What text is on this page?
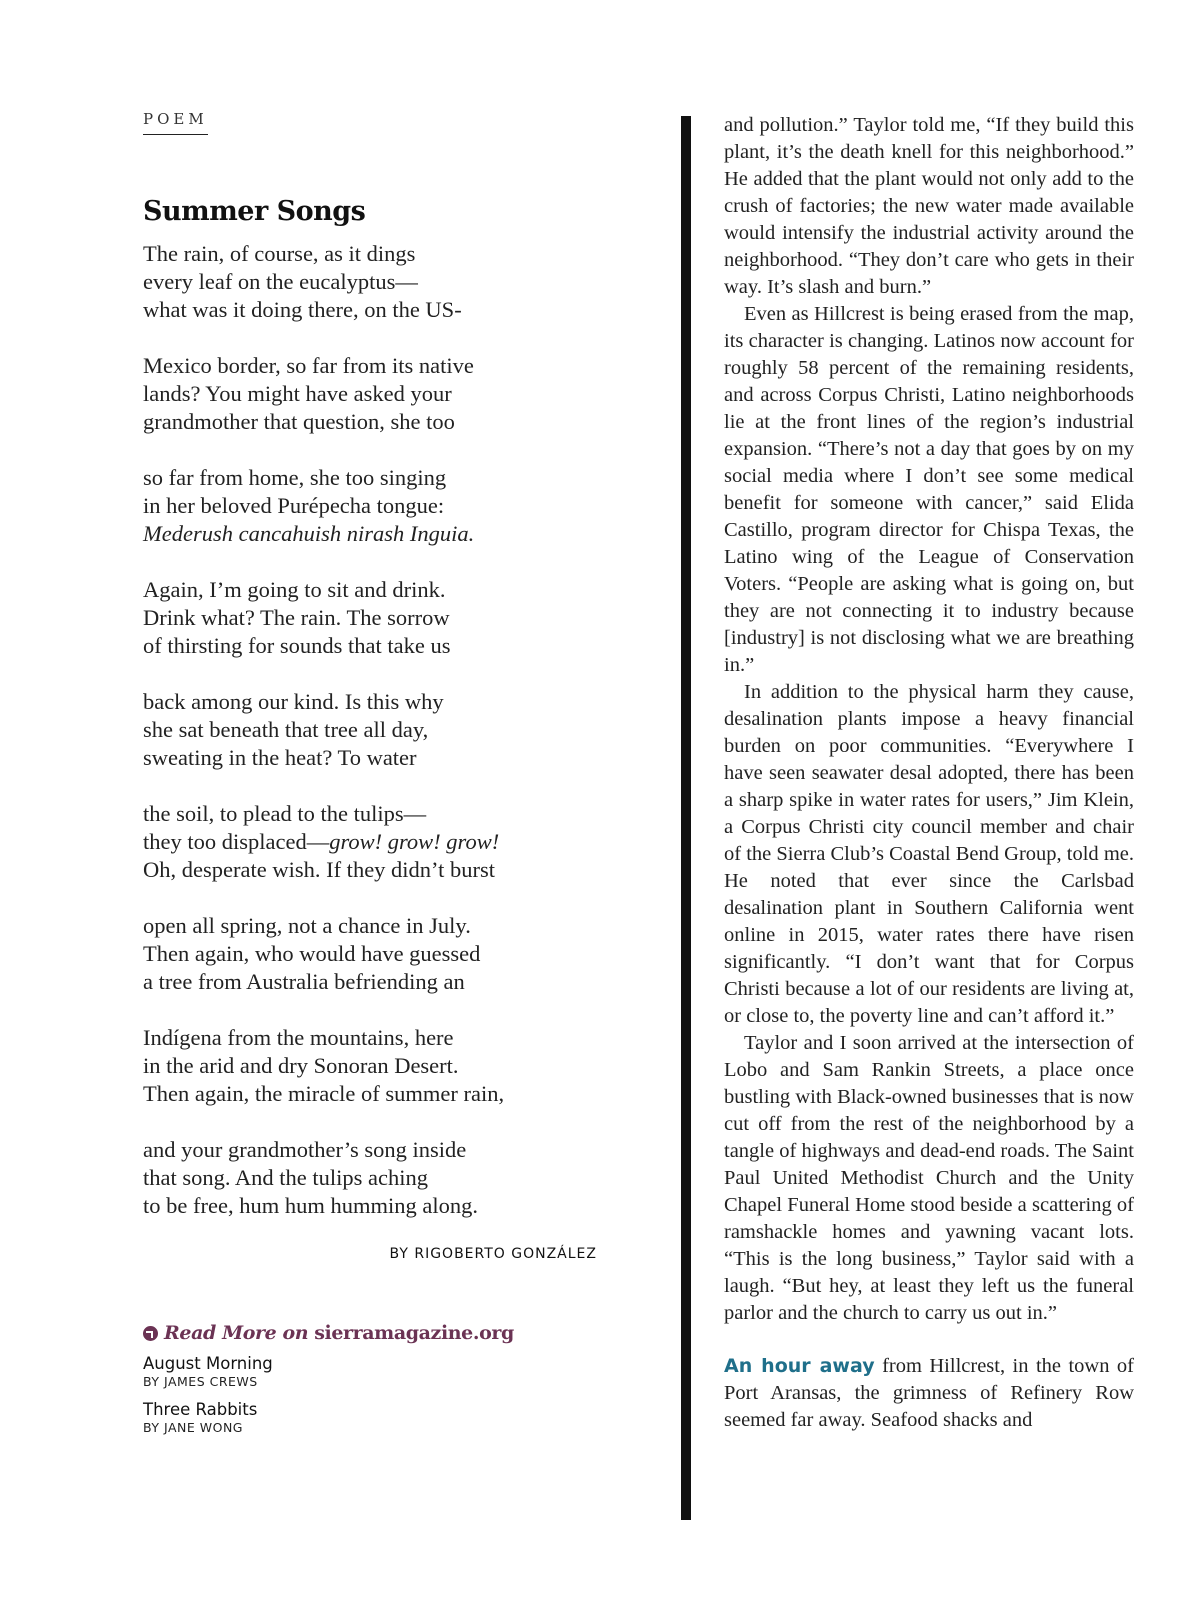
POEM
Summer Songs
The rain, of course, as it dings
every leaf on the eucalyptus—
what was it doing there, on the US-
Mexico border, so far from its native
lands? You might have asked your
grandmother that question, she too
so far from home, she too singing
in her beloved Purépecha tongue:
Mederush cancahuish nirash Inguia.
Again, I’m going to sit and drink.
Drink what? The rain. The sorrow
of thirsting for sounds that take us
back among our kind. Is this why
she sat beneath that tree all day,
sweating in the heat? To water
the soil, to plead to the tulips—
they too displaced—grow! grow! grow!
Oh, desperate wish. If they didn’t burst
open all spring, not a chance in July.
Then again, who would have guessed
a tree from Australia befriending an
Indígena from the mountains, here
in the arid and dry Sonoran Desert.
Then again, the miracle of summer rain,
and your grandmother’s song inside
that song. And the tulips aching
to be free, hum hum humming along.
BY RIGOBERTO GONZÁLEZ
Read More on sierramagazine.org
August Morning
BY JAMES CREWS
Three Rabbits
BY JANE WONG

and pollution.” Taylor told me, “If they build this plant, it’s the death knell for this neighborhood.” He added that the plant would not only add to the crush of factories; the new water made available would intensify the industrial activity around the neighborhood. “They don’t care who gets in their way. It’s slash and burn.”

Even as Hillcrest is being erased from the map, its character is changing. Latinos now account for roughly 58 percent of the remaining residents, and across Corpus Christi, Latino neighborhoods lie at the front lines of the region’s industrial expansion. “There’s not a day that goes by on my social media where I don’t see some medical benefit for someone with cancer,” said Elida Castillo, program director for Chispa Texas, the Latino wing of the League of Conservation Voters. “People are asking what is going on, but they are not connecting it to industry because [industry] is not disclosing what we are breathing in.”

In addition to the physical harm they cause, desalination plants impose a heavy financial burden on poor communities. “Everywhere I have seen seawater desal adopted, there has been a sharp spike in water rates for users,” Jim Klein, a Corpus Christi city council member and chair of the Sierra Club’s Coastal Bend Group, told me. He noted that ever since the Carlsbad desalination plant in Southern California went online in 2015, water rates there have risen significantly. “I don’t want that for Corpus Christi because a lot of our residents are living at, or close to, the poverty line and can’t afford it.”

Taylor and I soon arrived at the intersection of Lobo and Sam Rankin Streets, a place once bustling with Black-owned businesses that is now cut off from the rest of the neighborhood by a tangle of highways and dead-end roads. The Saint Paul United Methodist Church and the Unity Chapel Funeral Home stood beside a scattering of ramshackle homes and yawning vacant lots. “This is the long business,” Taylor said with a laugh. “But hey, at least they left us the funeral parlor and the church to carry us out in.”

An hour away from Hillcrest, in the town of Port Aransas, the grimness of Refinery Row seemed far away. Seafood shacks and
